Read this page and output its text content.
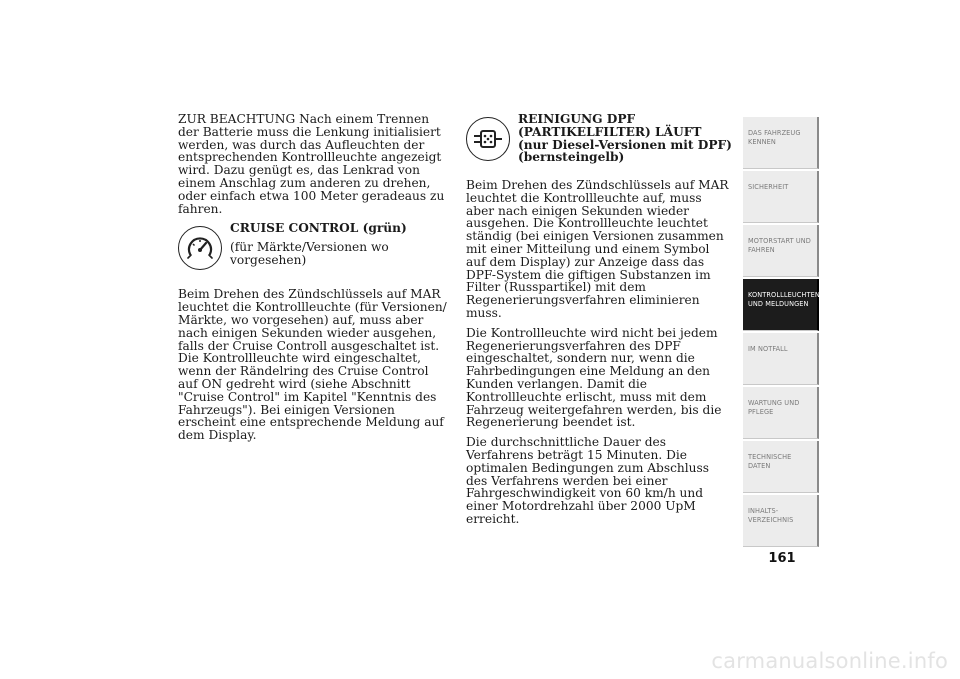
ZUR BEACHTUNG Nach einem Trennen der Batterie muss die Lenkung initialisiert werden, was durch das Aufleuchten der entsprechenden Kontrollleuchte angezeigt wird. Dazu genügt es, das Lenkrad von einem Anschlag zum anderen zu drehen, oder einfach etwa 100 Meter geradeaus zu fahren.

CRUISE CONTROL (grün)
(für Märkte/Versionen wo vorgesehen)

Beim Drehen des Zündschlüssels auf MAR leuchtet die Kontrollleuchte (für Versionen/ Märkte, wo vorgesehen) auf, muss aber nach einigen Sekunden wieder ausgehen, falls der Cruise Controll ausgeschaltet ist. Die Kontrollleuchte wird eingeschaltet, wenn der Rändelring des Cruise Control auf ON gedreht wird (siehe Abschnitt "Cruise Control" im Kapitel "Kenntnis des Fahrzeugs"). Bei einigen Versionen erscheint eine entsprechende Meldung auf dem Display.

REINIGUNG DPF (PARTIKELFILTER) LÄUFT (nur Diesel-Versionen mit DPF) (bernsteingelb)

Beim Drehen des Zündschlüssels auf MAR leuchtet die Kontrollleuchte auf, muss aber nach einigen Sekunden wieder ausgehen. Die Kontrollleuchte leuchtet ständig (bei einigen Versionen zusammen mit einer Mitteilung und einem Symbol auf dem Display) zur Anzeige dass das DPF-System die giftigen Substanzen im Filter (Russpartikel) mit dem Regenerierungsverfahren eliminieren muss.

Die Kontrollleuchte wird nicht bei jedem Regenerierungsverfahren des DPF eingeschaltet, sondern nur, wenn die Fahrbedingungen eine Meldung an den Kunden verlangen. Damit die Kontrollleuchte erlischt, muss mit dem Fahrzeug weitergefahren werden, bis die Regenerierung beendet ist.

Die durchschnittliche Dauer des Verfahrens beträgt 15 Minuten. Die optimalen Bedingungen zum Abschluss des Verfahrens werden bei einer Fahrgeschwindigkeit von 60 km/h und einer Motordrehzahl über 2000 UpM erreicht.

DAS FAHRZEUG
KENNEN
SICHERHEIT
MOTORSTART UND
FAHREN
KONTROLLLEUCHTEN
UND MELDUNGEN
IM NOTFALL
WARTUNG UND
PFLEGE
TECHNISCHE
DATEN
INHALTS-
VERZEICHNIS
161
carmanualsonline.info
